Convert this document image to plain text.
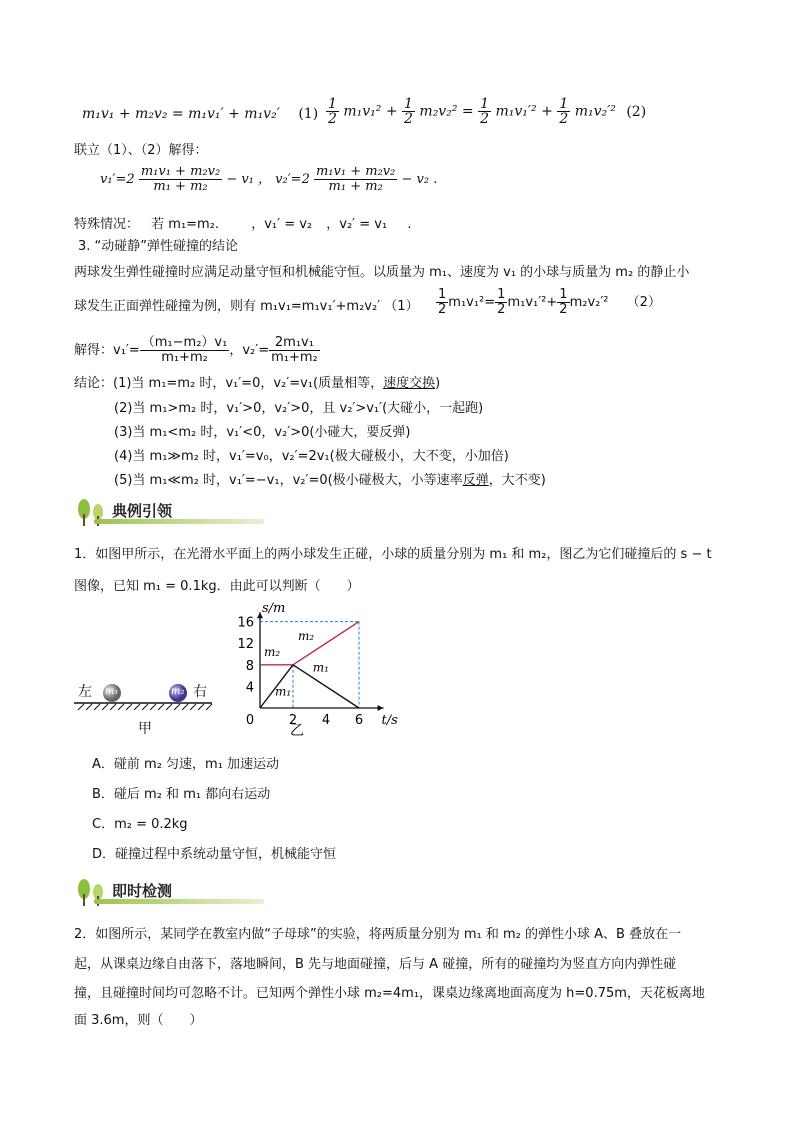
m₁v₁ + m₂v₂ = m₁v₁′ + m₁v₂′ $(1) \frac{1}{2} m_1v_1^2 + \frac{1}{2} m_2v_2^2 = \frac{1}{2} m_1v_1'^2 + \frac{1}{2} m_1v_2'^2$ (2)
联立（1）、（2）解得：
$v_1'=2 \frac{\text{m₁v₁ + m₂v₂}}{\text{m₁ + m₂}} - v_1$ ， $v_2'=2 \frac{\text{m₁v₁ + m₂v₂}}{\text{m₁ + m₂}} - v_2$ .
特殊情况： 若 m₁=m₂. ，v₁′ = v₂ ，v₂′ = v₁ .
3. “动碰静”弹性碰撞的结论
两球发生弹性碰撞时应满足动量守恒和机械能守恒。以质量为 m₁、速度为 v₁ 的小球与质量为 m₂ 的静止小
球发生正面弹性碰撞为例，则有 m₁v₁=m₁v₁′+m₂v₂′ $(1) \frac{1}{2} m_1v_1^2= \frac{1}{2} m_1v_1'^2+ \frac{1}{2} m_2v_2'^2$ （2）
解得：$v_1'= \frac{\text{（m₁−m₂）v₁}}{\text{m₁+m₂}}$ ，$v_2'= \frac{\text{2m₁v₁}}{\text{m₁+m₂}}$
结论：(1)当 m₁=m₂ 时，v₁′=0，v₂′=v₁(质量相等，速度交换)
(2)当 m₁>m₂ 时，v₁′>0，v₂′>0，且 v₂′>v₁′(大碰小，一起跑)
(3)当 m₁<m₂ 时，v₁′<0，v₂′>0(小碰大，要反弹)
(4)当 m₁≫m₂ 时，v₁′=v₀，v₂′=2v₁(极大碰极小，大不变，小加倍)
(5)当 m₁≪m₂ 时，v₁′=−v₁，v₂′=0(极小碰极大，小等速率反弹，大不变)
典例引领
1．如图甲所示，在光滑水平面上的两小球发生正碰，小球的质量分别为 m₁ 和 m₂，图乙为它们碰撞后的 s − t
图像，已知 m₁ = 0.1kg．由此可以判断（　　）
左 m₁	m₂ 右
甲
0	2 4 6
4
8
12
16
t/s
s/m
m₂
m₂
m₁
m₁
乙
A．碰前 m₂ 匀速，m₁ 加速运动
B．碰后 m₂ 和 m₁ 都向右运动
C．m₂ = 0.2kg
D．碰撞过程中系统动量守恒，机械能守恒
即时检测
2．如图所示，某同学在教室内做“子母球”的实验，将两质量分别为 m₁ 和 m₂ 的弹性小球 A、B 叠放在一
起，从课桌边缘自由落下，落地瞬间，B 先与地面碰撞，后与 A 碰撞，所有的碰撞均为竖直方向内弹性碰
撞，且碰撞时间均可忽略不计。已知两个弹性小球 m₂=4m₁，课桌边缘离地面高度为 h=0.75m，天花板离地
面 3.6m，则（　　）
